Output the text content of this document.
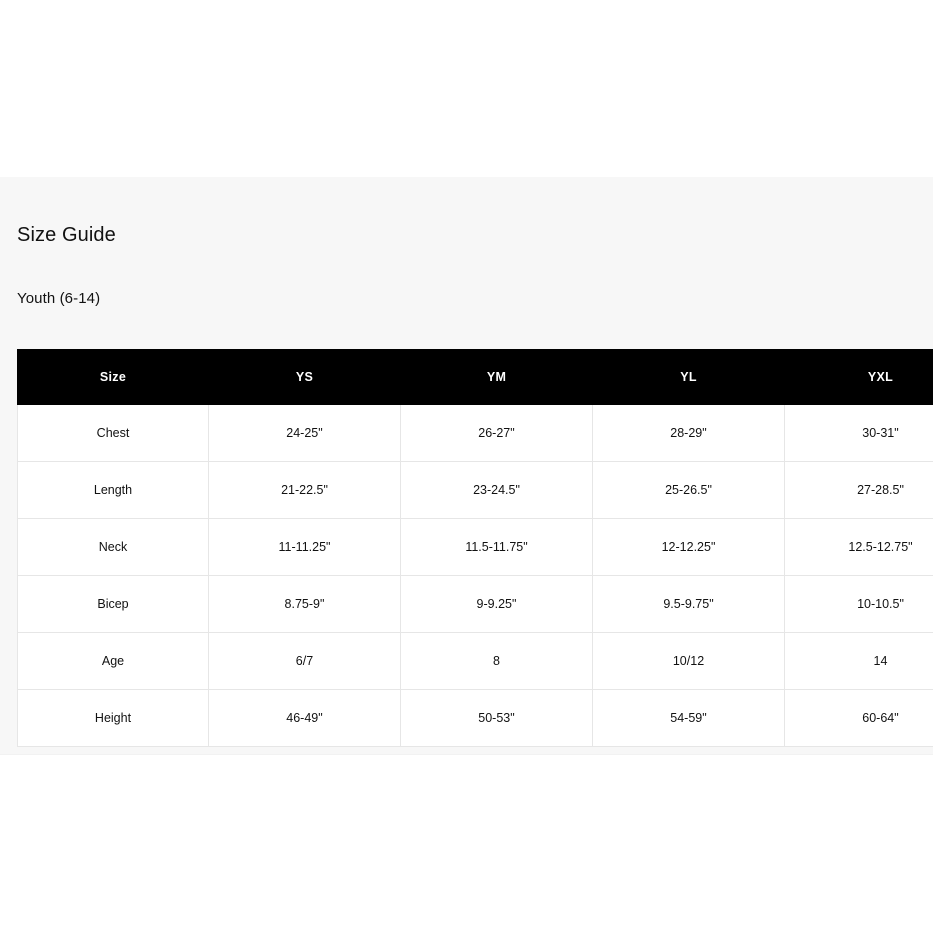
Size Guide
Youth (6-14)
Size	YS	YM	YL	YXL	
Chest	24-25"	26-27"	28-29"	30-31"	
Length	21-22.5"	23-24.5"	25-26.5"	27-28.5"	
Neck	11-11.25"	11.5-11.75"	12-12.25"	12.5-12.75"	
Bicep	8.75-9"	9-9.25"	9.5-9.75"	10-10.5"	
Age	6/7	8	10/12	14	
Height	46-49"	50-53"	54-59"	60-64"	
